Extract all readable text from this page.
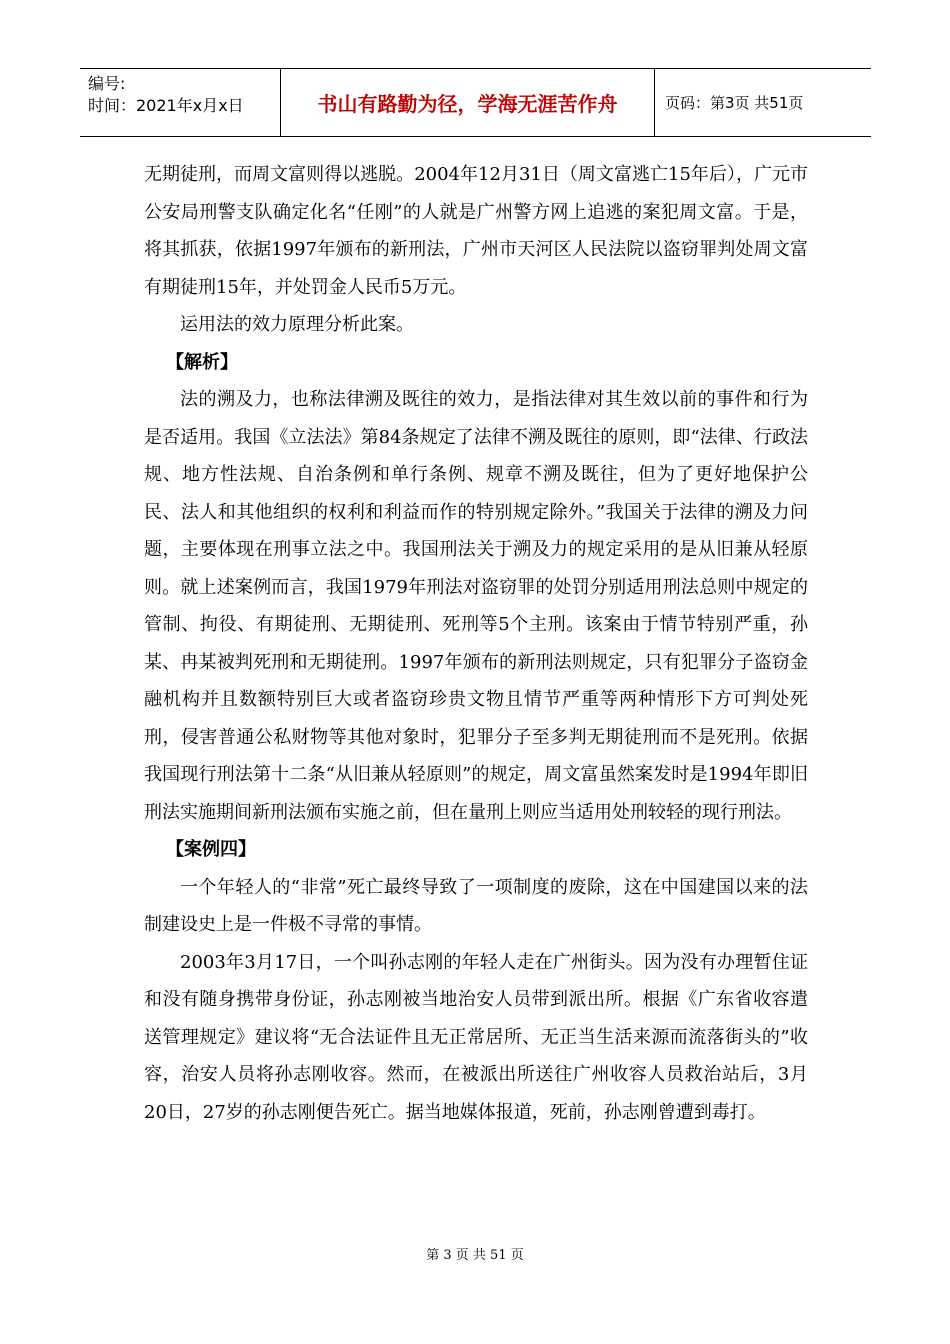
编号:
时间：2021年x月x日	书山有路勤为径，学海无涯苦作舟	页码：第3页 共51页

无期徒刑，而周文富则得以逃脱。2004年12月31日（周文富逃亡15年后），广元市公安局刑警支队确定化名“任刚”的人就是广州警方网上追逃的案犯周文富。于是，将其抓获，依据1997年颁布的新刑法，广州市天河区人民法院以盗窃罪判处周文富有期徒刑15年，并处罚金人民币5万元。

运用法的效力原理分析此案。

【解析】

法的溯及力，也称法律溯及既往的效力，是指法律对其生效以前的事件和行为是否适用。我国《立法法》第84条规定了法律不溯及既往的原则，即“法律、行政法规、地方性法规、自治条例和单行条例、规章不溯及既往，但为了更好地保护公民、法人和其他组织的权利和利益而作的特别规定除外。”我国关于法律的溯及力问题，主要体现在刑事立法之中。我国刑法关于溯及力的规定采用的是从旧兼从轻原则。就上述案例而言，我国1979年刑法对盗窃罪的处罚分别适用刑法总则中规定的管制、拘役、有期徒刑、无期徒刑、死刑等5个主刑。该案由于情节特别严重，孙某、冉某被判死刑和无期徒刑。1997年颁布的新刑法则规定，只有犯罪分子盗窃金融机构并且数额特别巨大或者盗窃珍贵文物且情节严重等两种情形下方可判处死刑，侵害普通公私财物等其他对象时，犯罪分子至多判无期徒刑而不是死刑。依据我国现行刑法第十二条“从旧兼从轻原则”的规定，周文富虽然案发时是1994年即旧刑法实施期间新刑法颁布实施之前，但在量刑上则应当适用处刑较轻的现行刑法。

【案例四】

一个年轻人的“非常”死亡最终导致了一项制度的废除，这在中国建国以来的法制建设史上是一件极不寻常的事情。

2003年3月17日，一个叫孙志刚的年轻人走在广州街头。因为没有办理暂住证和没有随身携带身份证，孙志刚被当地治安人员带到派出所。根据《广东省收容遣送管理规定》建议将“无合法证件且无正常居所、无正当生活来源而流落街头的”收容，治安人员将孙志刚收容。然而，在被派出所送往广州收容人员救治站后，3月20日，27岁的孙志刚便告死亡。据当地媒体报道，死前，孙志刚曾遭到毒打。

第 3 页 共 51 页
